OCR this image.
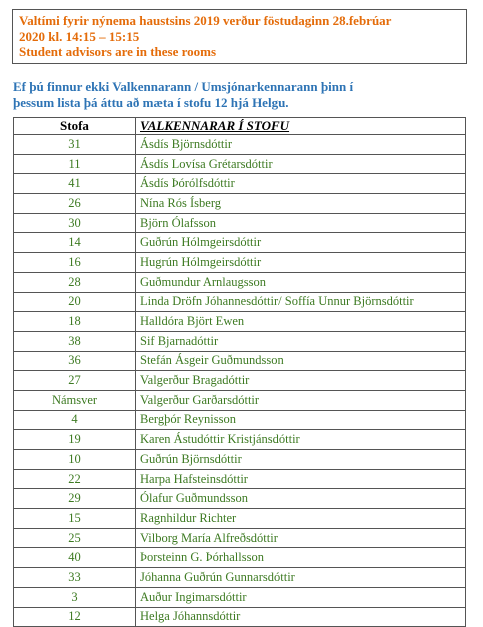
Valtími fyrir nýnema haustsins 2019 verður föstudaginn 28.febrúar
2020 kl. 14:15 – 15:15
Student advisors are in these rooms
Ef þú finnur ekki Valkennarann / Umsjónarkennarann þinn í
þessum lista þá áttu að mæta í stofu 12 hjá Helgu.
Stofa	VALKENNARAR Í STOFU
31	Ásdís Björnsdóttir
11	Ásdís Lovísa Grétarsdóttir
41	Ásdís Þórólfsdóttir
26	Nína Rós Ísberg
30	Björn Ólafsson
14	Guðrún Hólmgeirsdóttir
16	Hugrún Hólmgeirsdóttir
28	Guðmundur Arnlaugsson
20	Linda Dröfn Jóhannesdóttir/ Soffía Unnur Björnsdóttir
18	Halldóra Björt Ewen
38	Sif Bjarnadóttir
36	Stefán Ásgeir Guðmundsson
27	Valgerður Bragadóttir
Námsver	Valgerður Garðarsdóttir
4	Bergþór Reynisson
19	Karen Ástudóttir Kristjánsdóttir
10	Guðrún Björnsdóttir
22	Harpa Hafsteinsdóttir
29	Ólafur Guðmundsson
15	Ragnhildur Richter
25	Vilborg María Alfreðsdóttir
40	Þorsteinn G. Þórhallsson
33	Jóhanna Guðrún Gunnarsdóttir
3	Auður Ingimarsdóttir
12	Helga Jóhannsdóttir
